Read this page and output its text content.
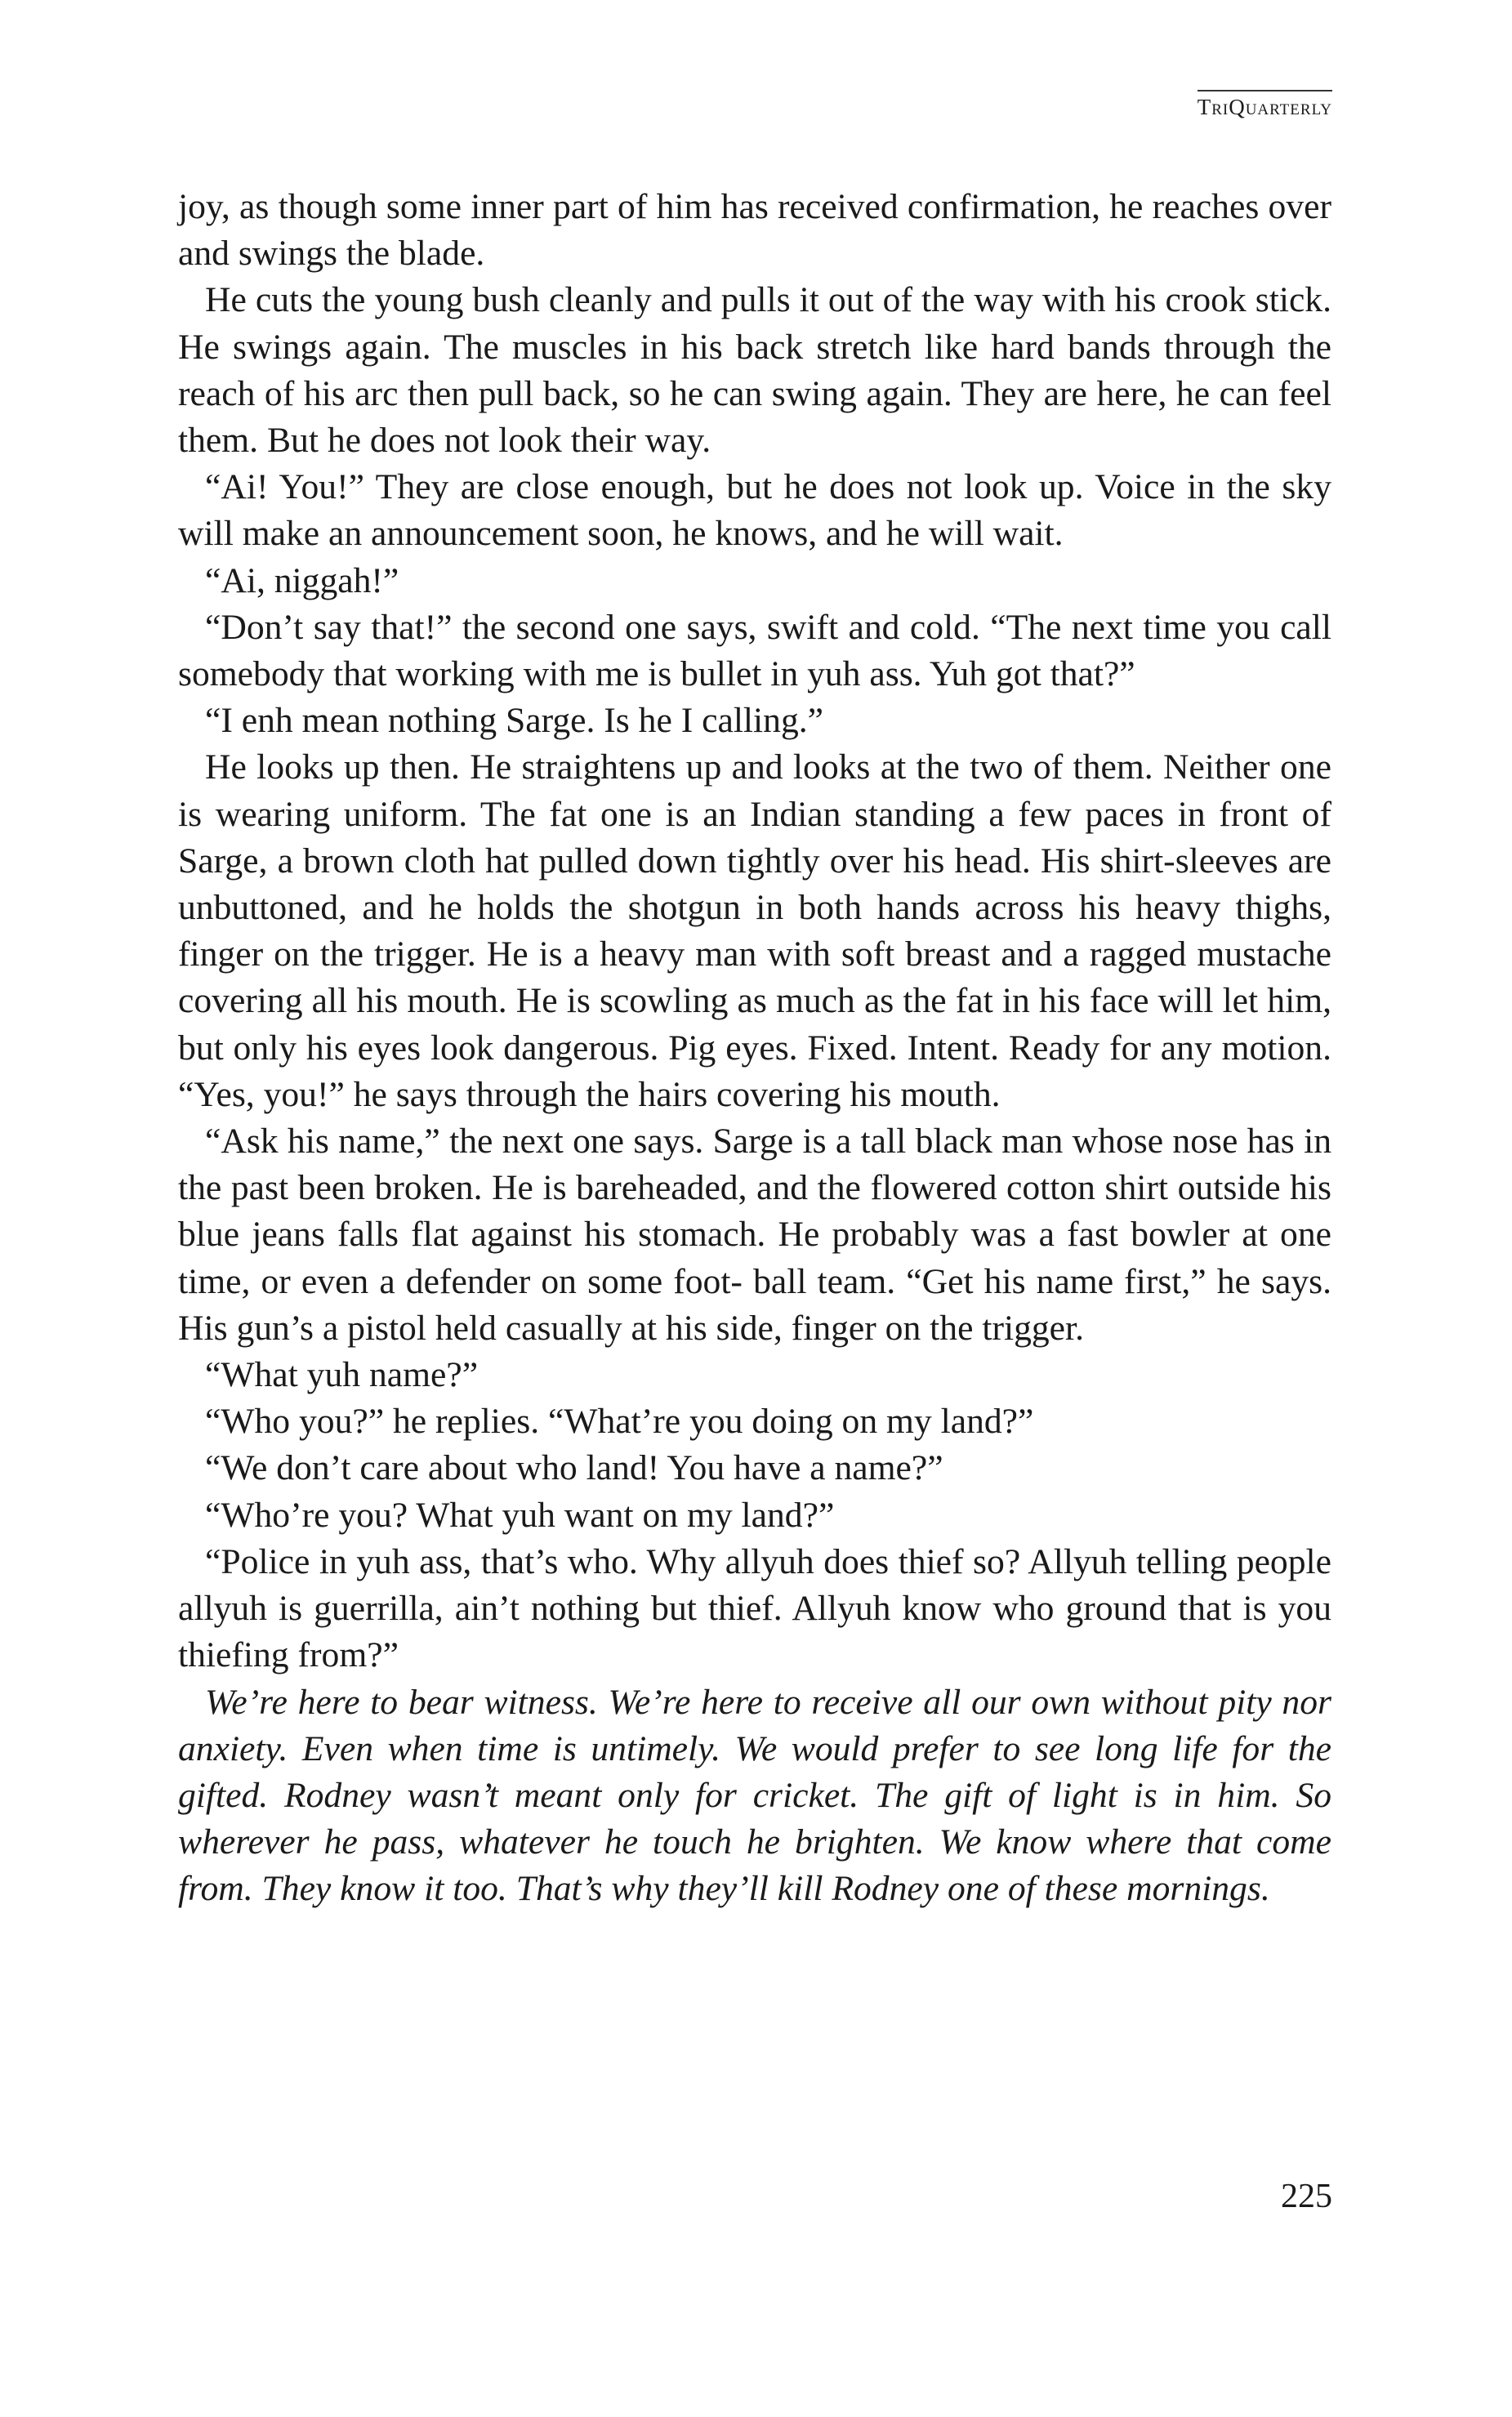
TriQuarterly

joy, as though some inner part of him has received confirmation, he reaches over and swings the blade.

He cuts the young bush cleanly and pulls it out of the way with his crook stick. He swings again. The muscles in his back stretch like hard bands through the reach of his arc then pull back, so he can swing again. They are here, he can feel them. But he does not look their way.

“Ai! You!” They are close enough, but he does not look up. Voice in the sky will make an announcement soon, he knows, and he will wait.

“Ai, niggah!”

“Don’t say that!” the second one says, swift and cold. “The next time you call somebody that working with me is bullet in yuh ass. Yuh got that?”

“I enh mean nothing Sarge. Is he I calling.”

He looks up then. He straightens up and looks at the two of them. Neither one is wearing uniform. The fat one is an Indian standing a few paces in front of Sarge, a brown cloth hat pulled down tightly over his head. His shirt-sleeves are unbuttoned, and he holds the shotgun in both hands across his heavy thighs, finger on the trigger. He is a heavy man with soft breast and a ragged mustache covering all his mouth. He is scowling as much as the fat in his face will let him, but only his eyes look dangerous. Pig eyes. Fixed. Intent. Ready for any motion. “Yes, you!” he says through the hairs covering his mouth.

“Ask his name,” the next one says. Sarge is a tall black man whose nose has in the past been broken. He is bareheaded, and the flowered cotton shirt outside his blue jeans falls flat against his stomach. He probably was a fast bowler at one time, or even a defender on some foot- ball team. “Get his name first,” he says. His gun’s a pistol held casually at his side, finger on the trigger.

“What yuh name?”

“Who you?” he replies. “What’re you doing on my land?”

“We don’t care about who land! You have a name?”

“Who’re you? What yuh want on my land?”

“Police in yuh ass, that’s who. Why allyuh does thief so? Allyuh telling people allyuh is guerrilla, ain’t nothing but thief. Allyuh know who ground that is you thiefing from?”

We’re here to bear witness. We’re here to receive all our own without pity nor anxiety. Even when time is untimely. We would prefer to see long life for the gifted. Rodney wasn’t meant only for cricket. The gift of light is in him. So wherever he pass, whatever he touch he brighten. We know where that come from. They know it too. That’s why they’ll kill Rodney one of these mornings.

225
